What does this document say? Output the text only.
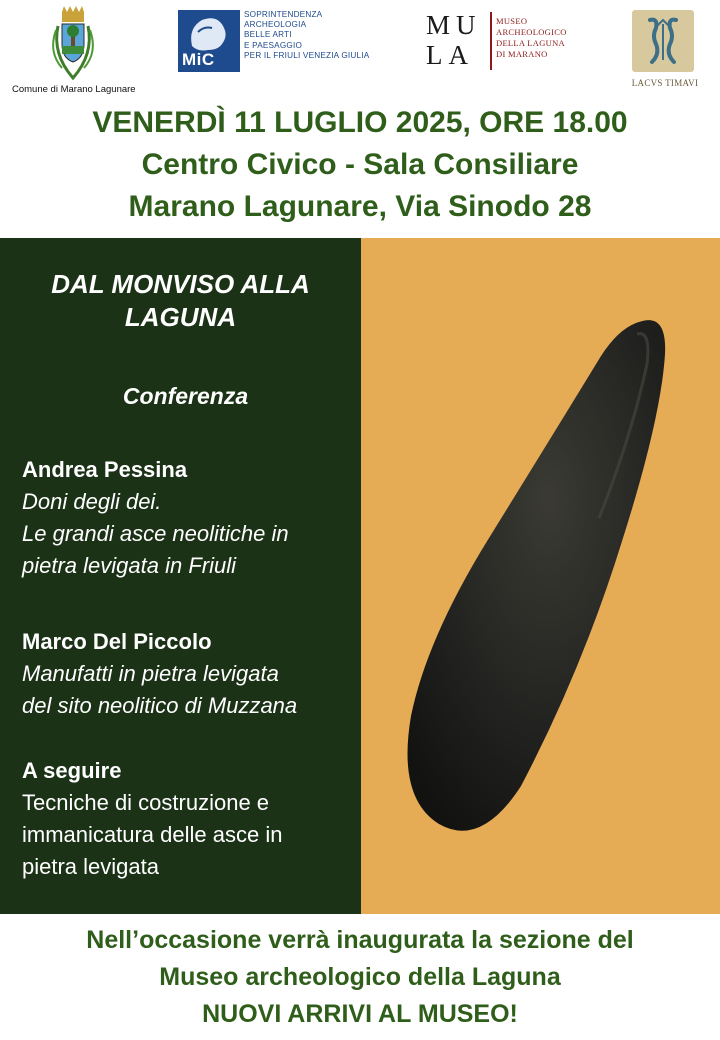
Comune di Marano Lagunare
MiC
SOPRINTENDENZA
ARCHEOLOGIA
BELLE ARTI
E PAESAGGIO
PER IL FRIULI VENEZIA GIULIA
MU
LA
MUSEO
ARCHEOLOGICO
DELLA LAGUNA
DI MARANO
LACVS TIMAVI
VENERDÌ 11 LUGLIO 2025, ORE 18.00
Centro Civico - Sala Consiliare
Marano Lagunare, Via Sinodo 28
DAL MONVISO ALLA
LAGUNA
Conferenza
Andrea Pessina
Doni degli dei.
Le grandi asce neolitiche in
pietra levigata in Friuli
Marco Del Piccolo
Manufatti in pietra levigata
del sito neolitico di Muzzana
A seguire
Tecniche di costruzione e
immanicatura delle asce in
pietra levigata
Nell’occasione verrà inaugurata la sezione del
Museo archeologico della Laguna
NUOVI ARRIVI AL MUSEO!
